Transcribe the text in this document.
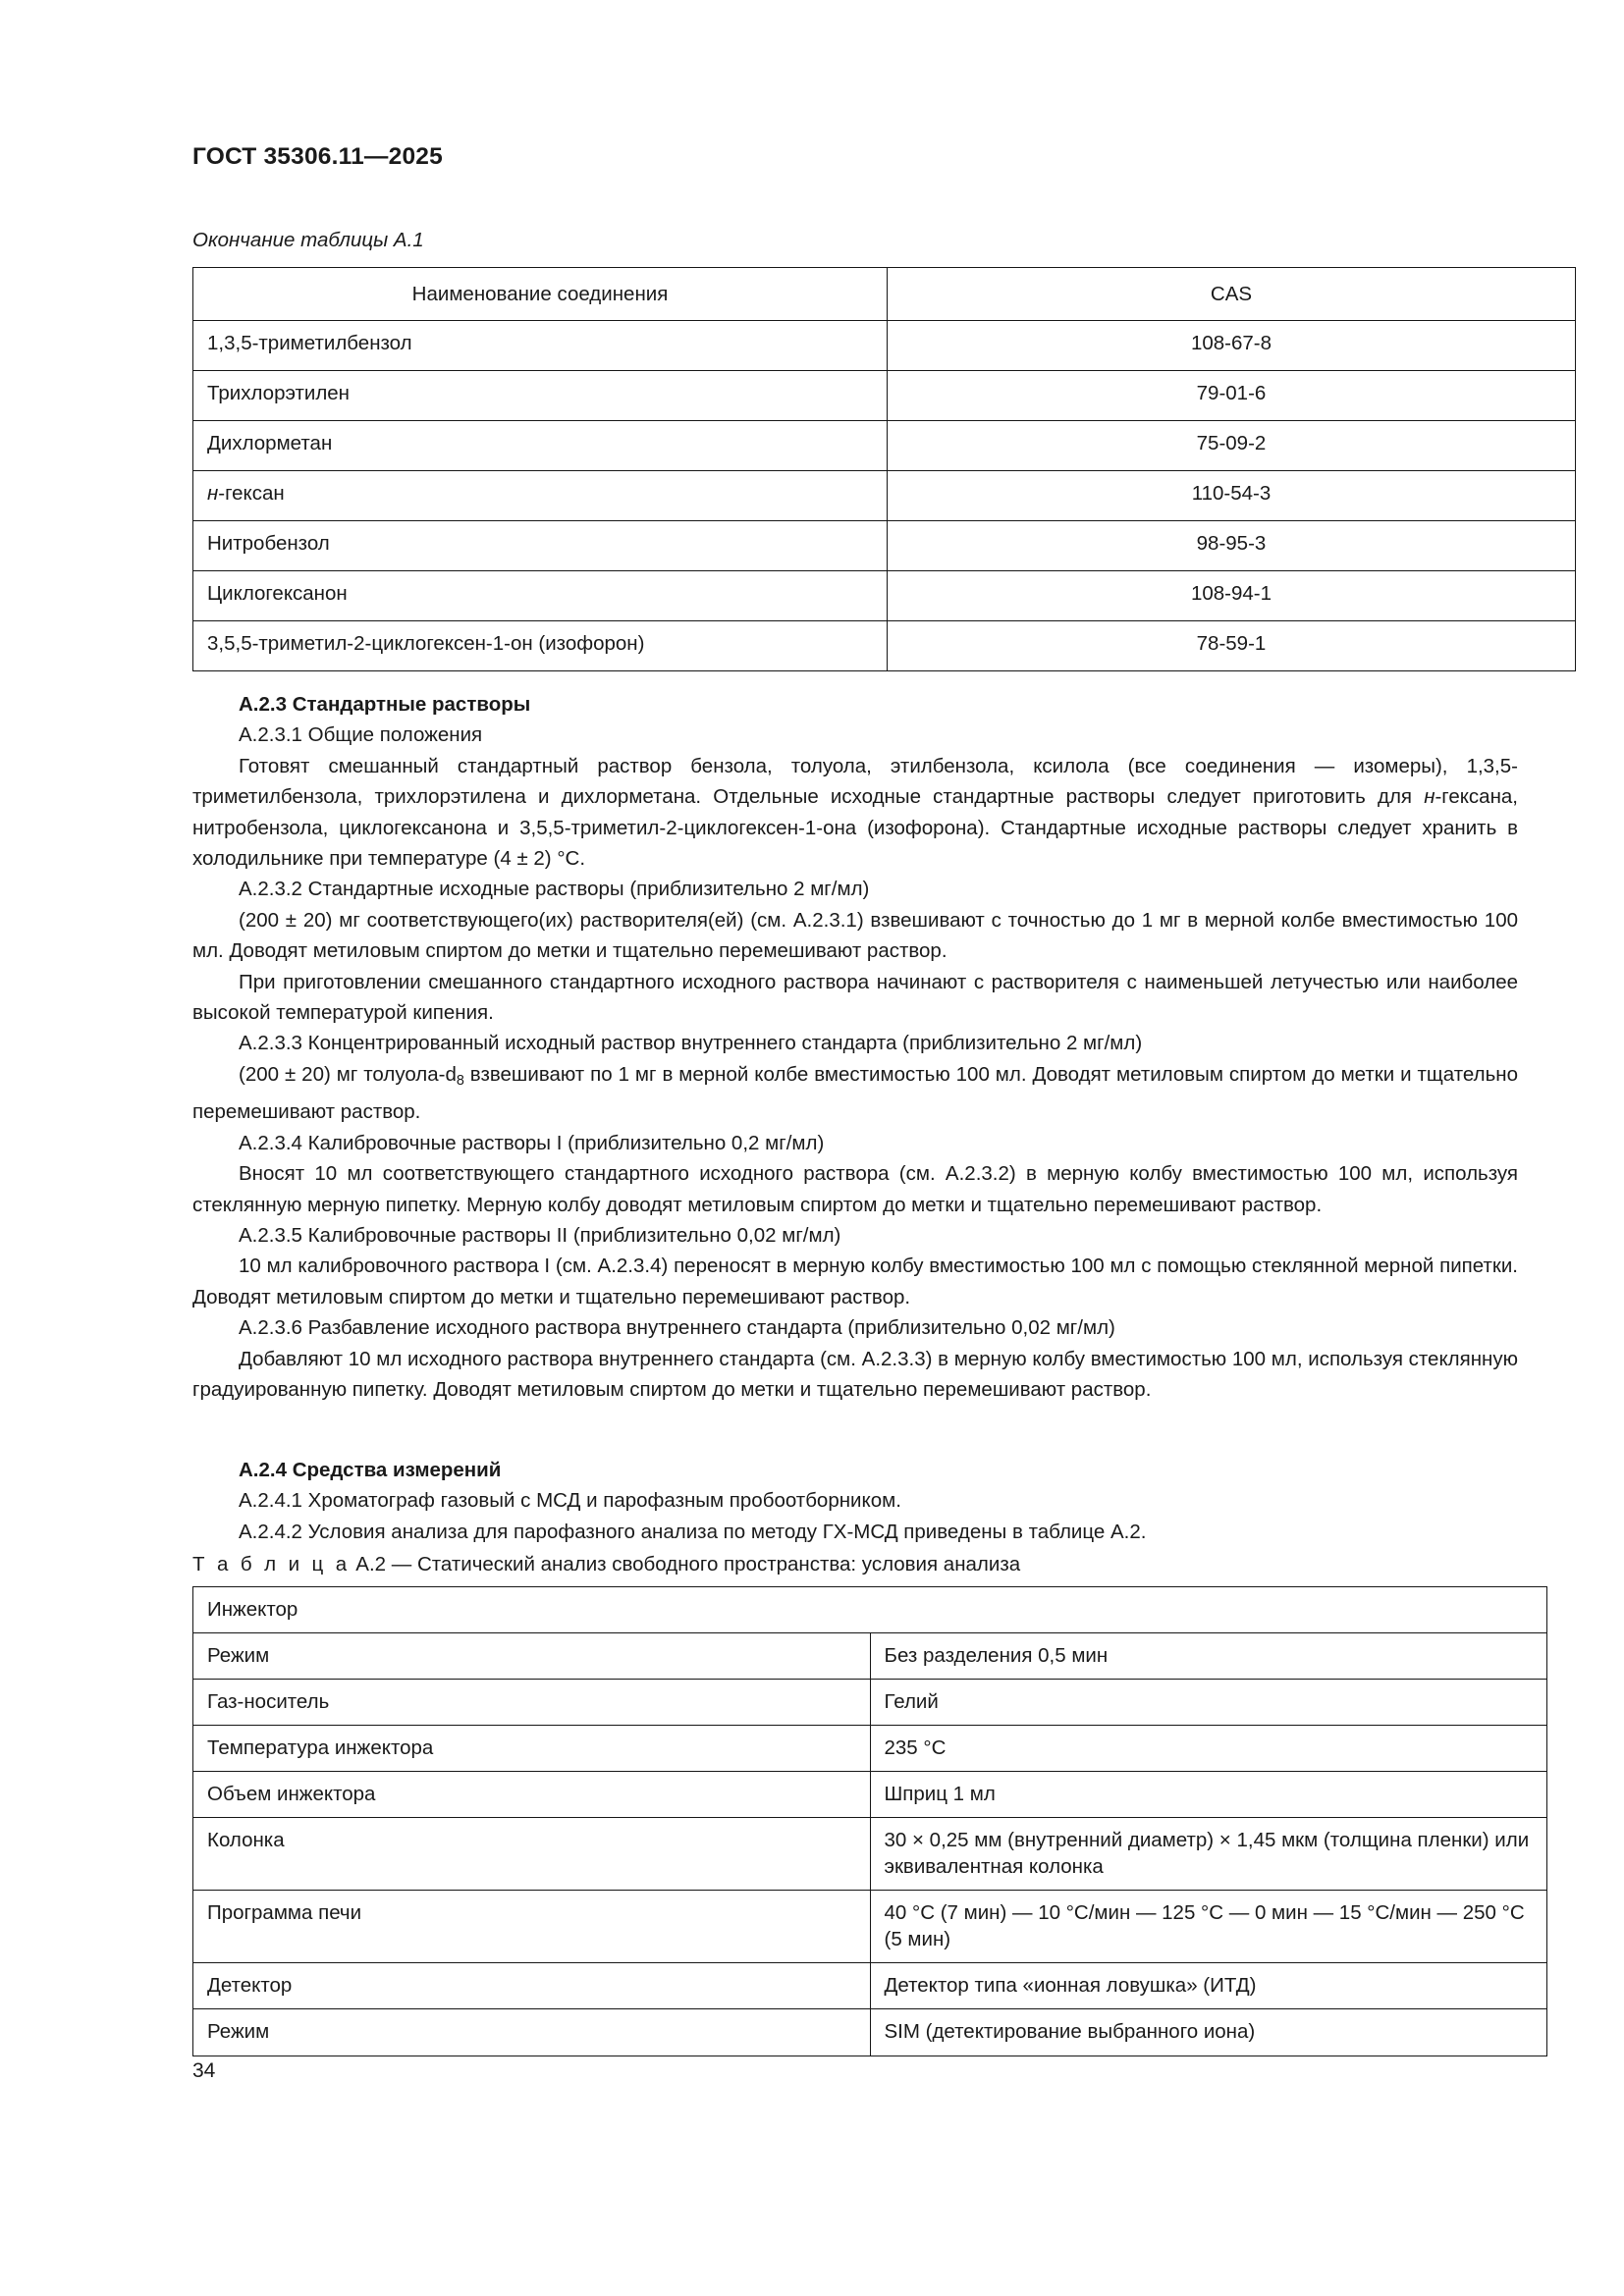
ГОСТ 35306.11—2025
Окончание таблицы А.1
Наименование соединения	CAS
1,3,5-триметилбензол	108-67-8
Трихлорэтилен	79-01-6
Дихлорметан	75-09-2
н-гексан	110-54-3
Нитробензол	98-95-3
Циклогексанон	108-94-1
3,5,5-триметил-2-циклогексен-1-он (изофорон)	78-59-1

А.2.3 Стандартные растворы

А.2.3.1 Общие положения

Готовят смешанный стандартный раствор бензола, толуола, этилбензола, ксилола (все соединения — изомеры), 1,3,5-триметилбензола, трихлорэтилена и дихлорметана. Отдельные исходные стандартные растворы следует приготовить для н-гексана, нитробензола, циклогексанона и 3,5,5-триметил-2-циклогексен-1-она (изофорона). Стандартные исходные растворы следует хранить в холодильнике при температуре (4 ± 2) °C.

А.2.3.2 Стандартные исходные растворы (приблизительно 2 мг/мл)

(200 ± 20) мг соответствующего(их) растворителя(ей) (см. А.2.3.1) взвешивают с точностью до 1 мг в мерной колбе вместимостью 100 мл. Доводят метиловым спиртом до метки и тщательно перемешивают раствор.

При приготовлении смешанного стандартного исходного раствора начинают с растворителя с наименьшей летучестью или наиболее высокой температурой кипения.

А.2.3.3 Концентрированный исходный раствор внутреннего стандарта (приблизительно 2 мг/мл)

(200 ± 20) мг толуола-$d_8$ взвешивают по 1 мг в мерной колбе вместимостью 100 мл. Доводят метиловым спиртом до метки и тщательно перемешивают раствор.

А.2.3.4 Калибровочные растворы I (приблизительно 0,2 мг/мл)

Вносят 10 мл соответствующего стандартного исходного раствора (см. А.2.3.2) в мерную колбу вместимостью 100 мл, используя стеклянную мерную пипетку. Мерную колбу доводят метиловым спиртом до метки и тщательно перемешивают раствор.

А.2.3.5 Калибровочные растворы II (приблизительно 0,02 мг/мл)

10 мл калибровочного раствора I (см. А.2.3.4) переносят в мерную колбу вместимостью 100 мл с помощью стеклянной мерной пипетки. Доводят метиловым спиртом до метки и тщательно перемешивают раствор.

А.2.3.6 Разбавление исходного раствора внутреннего стандарта (приблизительно 0,02 мг/мл)

Добавляют 10 мл исходного раствора внутреннего стандарта (см. А.2.3.3) в мерную колбу вместимостью 100 мл, используя стеклянную градуированную пипетку. Доводят метиловым спиртом до метки и тщательно перемешивают раствор.

А.2.4 Средства измерений

А.2.4.1 Хроматограф газовый с МСД и парофазным пробоотборником.

А.2.4.2 Условия анализа для парофазного анализа по методу ГХ-МСД приведены в таблице А.2.

Т а б л и ц а А.2 — Статический анализ свободного пространства: условия анализа
Инжектор	
Режим	Без разделения 0,5 мин
Газ-носитель	Гелий
Температура инжектора	235 °C
Объем инжектора	Шприц 1 мл
Колонка	30 × 0,25 мм (внутренний диаметр) × 1,45 мкм (толщина пленки) или эквивалентная колонка
Программа печи	40 °C (7 мин) — 10 °C/мин — 125 °C — 0 мин — 15 °C/мин — 250 °C (5 мин)
Детектор	Детектор типа «ионная ловушка» (ИТД)
Режим	SIM (детектирование выбранного иона)
34
